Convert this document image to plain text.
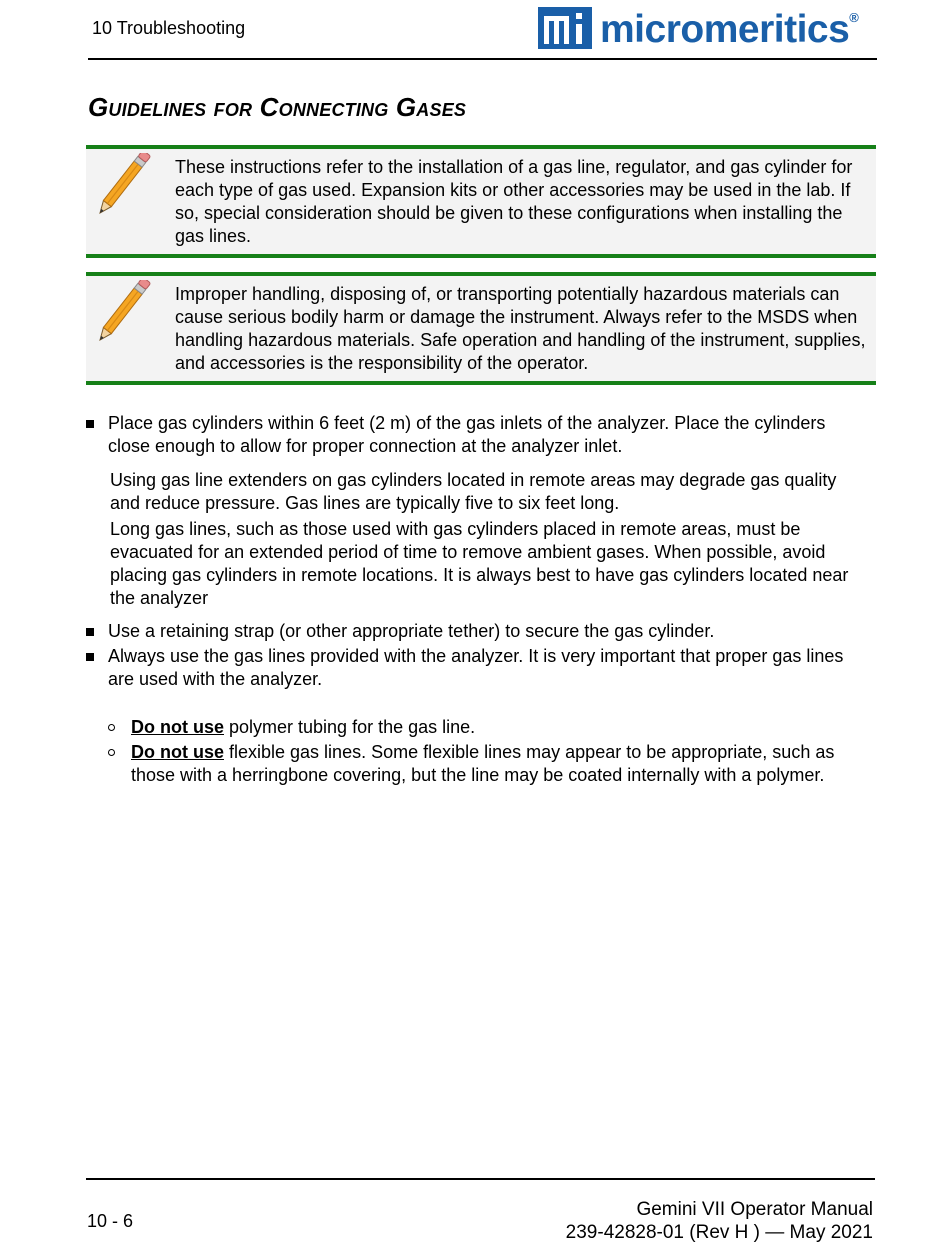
10 Troubleshooting	micromeritics®
Guidelines for Connecting Gases
These instructions refer to the installation of a gas line, regulator, and gas cylinder for each type of gas used. Expansion kits or other accessories may be used in the lab. If so, special consideration should be given to these configurations when installing the gas lines.
Improper handling, disposing of, or transporting potentially hazardous materials can cause serious bodily harm or damage the instrument. Always refer to the MSDS when handling hazardous materials. Safe operation and handling of the instrument, supplies, and accessories is the responsibility of the operator.
Place gas cylinders within 6 feet (2 m) of the gas inlets of the analyzer. Place the cylinders close enough to allow for proper connection at the analyzer inlet.

Using gas line extenders on gas cylinders located in remote areas may degrade gas quality and reduce pressure. Gas lines are typically five to six feet long.

Long gas lines, such as those used with gas cylinders placed in remote areas, must be evacuated for an extended period of time to remove ambient gases. When possible, avoid placing gas cylinders in remote locations. It is always best to have gas cylinders located near the analyzer

Use a retaining strap (or other appropriate tether) to secure the gas cylinder.
Always use the gas lines provided with the analyzer. It is very important that proper gas lines are used with the analyzer.
Do not use polymer tubing for the gas line.
Do not use flexible gas lines. Some flexible lines may appear to be appropriate, such as those with a herringbone covering, but the line may be coated internally with a polymer.
10 - 6
Gemini VII Operator Manual
239-42828-01 (Rev H ) — May 2021
